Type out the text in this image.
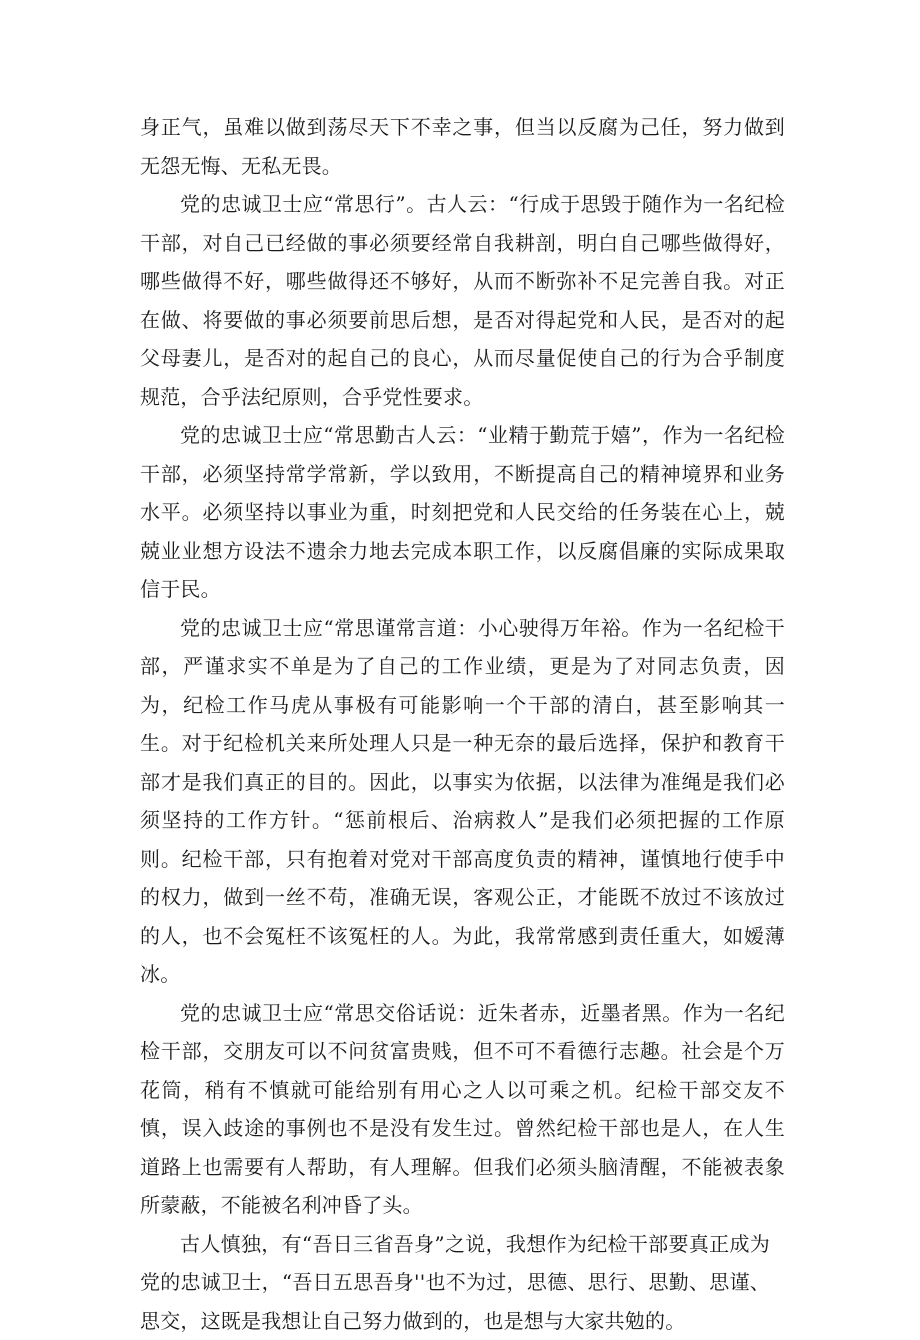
身正气，虽难以做到荡尽天下不幸之事，但当以反腐为己任，努力做到无怨无悔、无私无畏。

党的忠诚卫士应“常思行”。古人云：“行成于思毁于随作为一名纪检干部，对自己已经做的事必须要经常自我耕剖，明白自己哪些做得好，哪些做得不好，哪些做得还不够好，从而不断弥补不足完善自我。对正在做、将要做的事必须要前思后想，是否对得起党和人民，是否对的起父母妻儿，是否对的起自己的良心，从而尽量促使自己的行为合乎制度规范，合乎法纪原则，合乎党性要求。

党的忠诚卫士应“常思勤古人云：“业精于勤荒于嬉”，作为一名纪检干部，必须坚持常学常新，学以致用，不断提高自己的精神境界和业务水平。必须坚持以事业为重，时刻把党和人民交给的任务装在心上，兢兢业业想方设法不遗余力地去完成本职工作，以反腐倡廉的实际成果取信于民。

党的忠诚卫士应“常思谨常言道：小心驶得万年裕。作为一名纪检干部，严谨求实不单是为了自己的工作业绩，更是为了对同志负责，因为，纪检工作马虎从事极有可能影响一个干部的清白，甚至影响其一生。对于纪检机关来所处理人只是一种无奈的最后选择，保护和教育干部才是我们真正的目的。因此，以事实为依据，以法律为准绳是我们必须坚持的工作方针。“惩前根后、治病救人”是我们必须把握的工作原则。纪检干部，只有抱着对党对干部高度负责的精神，谨慎地行使手中的权力，做到一丝不苟，准确无误，客观公正，才能既不放过不该放过的人，也不会冤枉不该冤枉的人。为此，我常常感到责任重大，如嫒薄冰。

党的忠诚卫士应“常思交俗话说：近朱者赤，近墨者黑。作为一名纪检干部，交朋友可以不问贫富贵贱，但不可不看德行志趣。社会是个万花筒，稍有不慎就可能给别有用心之人以可乘之机。纪检干部交友不慎，误入歧途的事例也不是没有发生过。曾然纪检干部也是人，在人生道路上也需要有人帮助，有人理解。但我们必须头脑清醒，不能被表象所蒙蔽，不能被名利冲昏了头。

古人慎独，有“吾日三省吾身”之说，我想作为纪检干部要真正成为党的忠诚卫士，“吾日五思吾身''也不为过，思德、思行、思勤、思谨、思交，这既是我想让自己努力做到的，也是想与大家共勉的。
